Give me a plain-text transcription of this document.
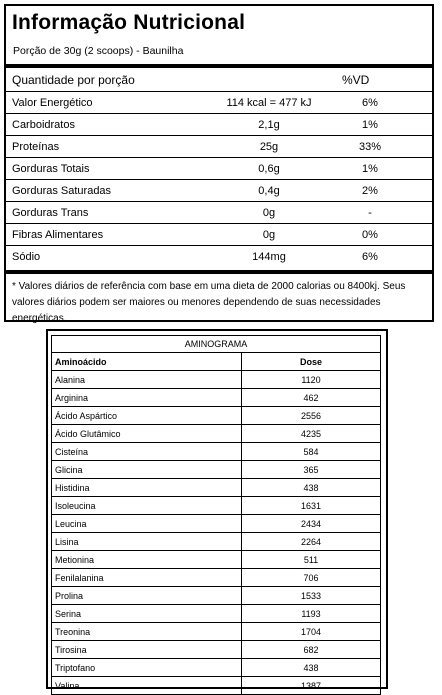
Informação Nutricional
Porção de 30g (2 scoops) - Baunilha
Quantidade por porção	%VD
Valor Energético	114 kcal = 477 kJ	6%
Carboidratos	2,1g	1%
Proteínas	25g	33%
Gorduras Totais	0,6g	1%
Gorduras Saturadas	0,4g	2%
Gorduras Trans	0g	-
Fibras Alimentares	0g	0%
Sódio	144mg	6%
* Valores diários de referência com base em uma dieta de 2000 calorias ou 8400kj. Seus valores diários podem ser maiores ou menores dependendo de suas necessidades energéticas.
AMINOGRAMA	
Aminoácido	Dose
Alanina	1120
Arginina	462
Ácido Aspártico	2556
Ácido Glutâmico	4235
Cisteína	584
Glicina	365
Histidina	438
Isoleucina	1631
Leucina	2434
Lisina	2264
Metionina	511
Fenilalanina	706
Prolina	1533
Serina	1193
Treonina	1704
Tirosina	682
Triptofano	438
Valina	1387
